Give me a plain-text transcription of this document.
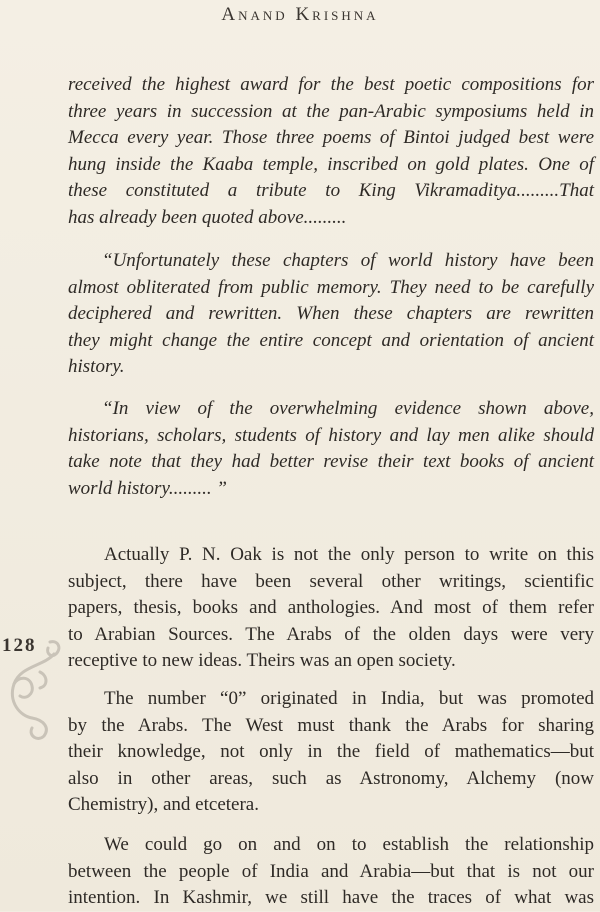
Anand Krishna
received the highest award for the best poetic compositions for
three years in succession at the pan-Arabic symposiums held in
Mecca every year. Those three poems of Bintoi judged best were
hung inside the Kaaba temple, inscribed on gold plates. One of
these constituted a tribute to King Vikramaditya.........That
has already been quoted above.........
“Unfortunately these chapters of world history have been
almost obliterated from public memory. They need to be carefully
deciphered and rewritten. When these chapters are rewritten
they might change the entire concept and orientation of ancient
history.
“In view of the overwhelming evidence shown above,
historians, scholars, students of history and lay men alike should
take note that they had better revise their text books of ancient
world history......... ”
Actually P. N. Oak is not the only person to write on this
subject, there have been several other writings, scientific
papers, thesis, books and anthologies. And most of them refer
to Arabian Sources. The Arabs of the olden days were very
receptive to new ideas. Theirs was an open society.
The number “0” originated in India, but was promoted
by the Arabs. The West must thank the Arabs for sharing
their knowledge, not only in the field of mathematics—but
also in other areas, such as Astronomy, Alchemy (now
Chemistry), and etcetera.
We could go on and on to establish the relationship
between the people of India and Arabia—but that is not our
intention. In Kashmir, we still have the traces of what was
128
